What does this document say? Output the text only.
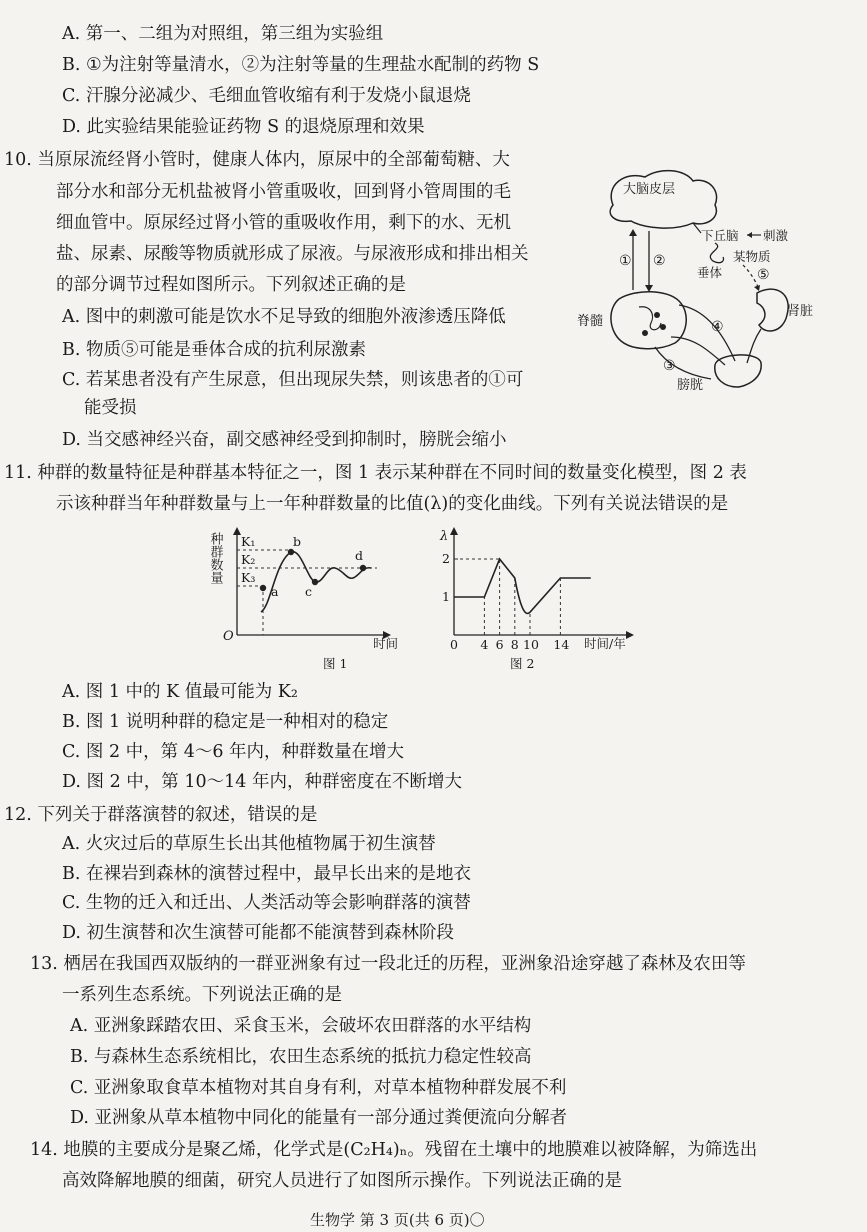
A. 第一、二组为对照组，第三组为实验组
B. ①为注射等量清水，②为注射等量的生理盐水配制的药物 S
C. 汗腺分泌减少、毛细血管收缩有利于发烧小鼠退烧
D. 此实验结果能验证药物 S 的退烧原理和效果
10. 当原尿流经肾小管时，健康人体内，原尿中的全部葡萄糖、大
部分水和部分无机盐被肾小管重吸收，回到肾小管周围的毛
细血管中。原尿经过肾小管的重吸收作用，剩下的水、无机
盐、尿素、尿酸等物质就形成了尿液。与尿液形成和排出相关
的部分调节过程如图所示。下列叙述正确的是
A. 图中的刺激可能是饮水不足导致的细胞外液渗透压降低
B. 物质⑤可能是垂体合成的抗利尿激素
C. 若某患者没有产生尿意，但出现尿失禁，则该患者的①可
能受损
D. 当交感神经兴奋，副交感神经受到抑制时，膀胱会缩小
大脑皮层
下丘脑 刺激
垂体
某物质
⑤
① ②
脊髓
肾脏
④
③
膀胱
11. 种群的数量特征是种群基本特征之一，图 1 表示某种群在不同时间的数量变化模型，图 2 表
示该种群当年种群数量与上一年种群数量的比值(λ)的变化曲线。下列有关说法错误的是
种群数量 K₁
K₂
K₃
a
b
c
d
O	时间
图 1
1
2
0 4 6 8 10 14
λ
时间/年
图 2
A. 图 1 中的 K 值最可能为 K₂
B. 图 1 说明种群的稳定是一种相对的稳定
C. 图 2 中，第 4～6 年内，种群数量在增大
D. 图 2 中，第 10～14 年内，种群密度在不断增大
12. 下列关于群落演替的叙述，错误的是
A. 火灾过后的草原生长出其他植物属于初生演替
B. 在裸岩到森林的演替过程中，最早长出来的是地衣
C. 生物的迁入和迁出、人类活动等会影响群落的演替
D. 初生演替和次生演替可能都不能演替到森林阶段
13. 栖居在我国西双版纳的一群亚洲象有过一段北迁的历程，亚洲象沿途穿越了森林及农田等
一系列生态系统。下列说法正确的是
A. 亚洲象踩踏农田、采食玉米，会破坏农田群落的水平结构
B. 与森林生态系统相比，农田生态系统的抵抗力稳定性较高
C. 亚洲象取食草本植物对其自身有利，对草本植物种群发展不利
D. 亚洲象从草本植物中同化的能量有一部分通过粪便流向分解者
14. 地膜的主要成分是聚乙烯，化学式是(C₂H₄)ₙ。残留在土壤中的地膜难以被降解，为筛选出
高效降解地膜的细菌，研究人员进行了如图所示操作。下列说法正确的是
生物学 第 3 页(共 6 页)〇
